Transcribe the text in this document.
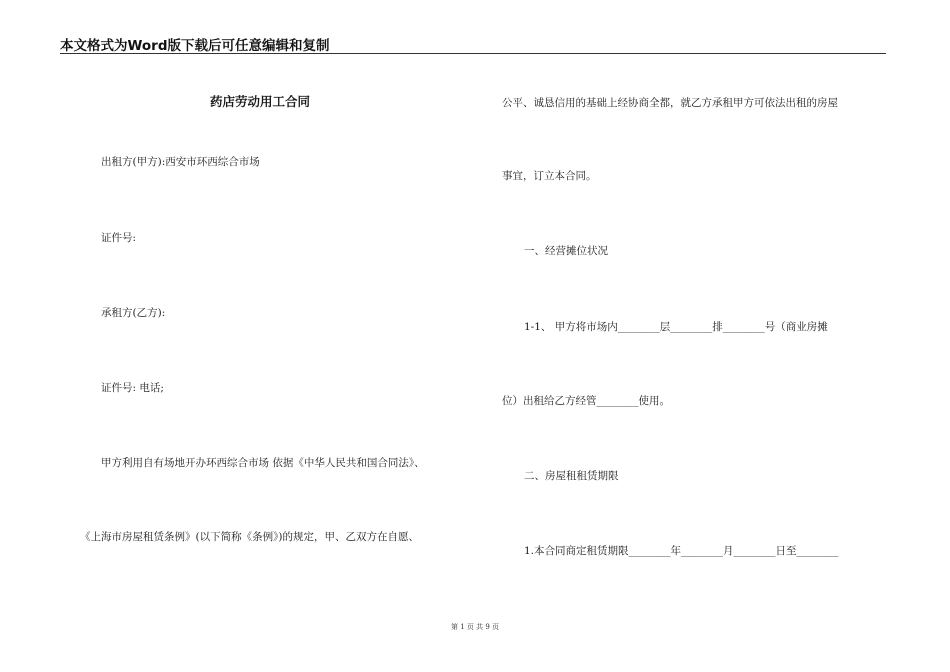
本文格式为Word版下载后可任意编辑和复制
药店劳动用工合同
出租方(甲方):西安市环西综合市场
证件号:
承租方(乙方):
证件号: 电话;
甲方利用自有场地开办环西综合市场 依据《中华人民共和国合同法》、
《上海市房屋租赁条例》(以下简称《条例》)的规定，甲、乙双方在自愿、
公平、诚恳信用的基础上经协商全都，就乙方承租甲方可依法出租的房屋
事宜，订立本合同。
一、经营摊位状况
1-1、 甲方将市场内________层________排________号（商业房摊
位）出租给乙方经管________使用。
二、房屋租租赁期限
1.本合同商定租赁期限________年________月________日至________
第 1 页 共 9 页
